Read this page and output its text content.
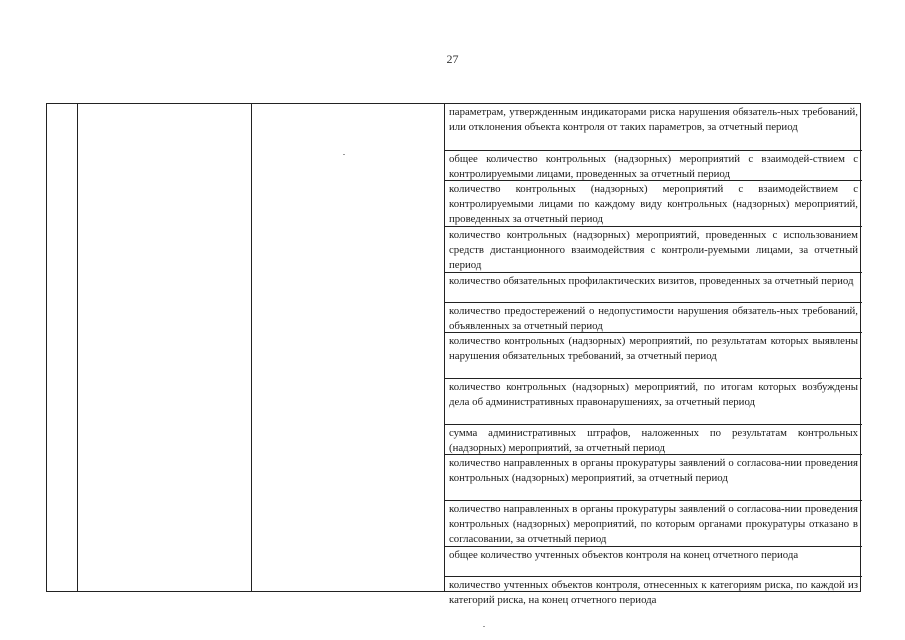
27
параметрам, утвержденным индикаторами риска нарушения обязатель-ных требований, или отклонения объекта контроля от таких параметров, за отчетный период
общее количество контрольных (надзорных) мероприятий с взаимодей-ствием с контролируемыми лицами, проведенных за отчетный период
количество контрольных (надзорных) мероприятий с взаимодействием с контролируемыми лицами по каждому виду контрольных (надзорных) мероприятий, проведенных за отчетный период
количество контрольных (надзорных) мероприятий, проведенных с использованием средств дистанционного взаимодействия с контроли-руемыми лицами, за отчетный период
количество обязательных профилактических визитов, проведенных за отчетный период
количество предостережений о недопустимости нарушения обязатель-ных требований, объявленных за отчетный период
количество контрольных (надзорных) мероприятий, по результатам которых выявлены нарушения обязательных требований, за отчетный период
количество контрольных (надзорных) мероприятий, по итогам которых возбуждены дела об административных правонарушениях, за отчетный период
сумма административных штрафов, наложенных по результатам контрольных (надзорных) мероприятий, за отчетный период
количество направленных в органы прокуратуры заявлений о согласова-нии проведения контрольных (надзорных) мероприятий, за отчетный период
количество направленных в органы прокуратуры заявлений о согласова-нии проведения контрольных (надзорных) мероприятий, по которым органами прокуратуры отказано в согласовании, за отчетный период
общее количество учтенных объектов контроля на конец отчетного периода
количество учтенных объектов контроля, отнесенных к категориям риска, по каждой из категорий риска, на конец отчетного периода
